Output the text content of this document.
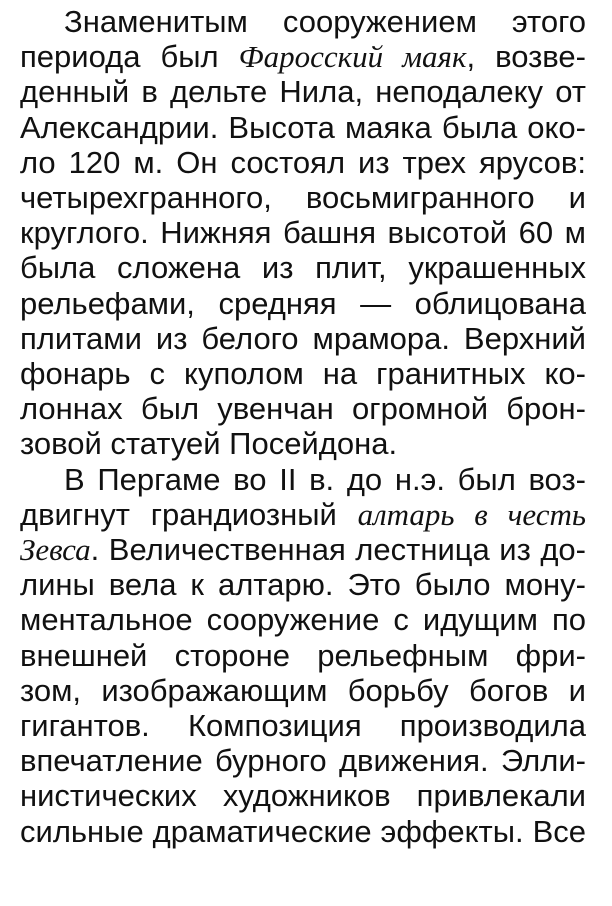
Знаменитым сооружением этого
периода был Фаросский маяк, возве-
денный в дельте Нила, неподалеку от
Александрии. Высота маяка была око-
ло 120 м. Он состоял из трех ярусов:
четырехгранного, восьмигранного и
круглого. Нижняя башня высотой 60 м
была сложена из плит, украшенных
рельефами, средняя — облицована
плитами из белого мрамора. Верхний
фонарь с куполом на гранитных ко-
лоннах был увенчан огромной брон-
зовой статуей Посейдона.
В Пергаме во II в. до н.э. был воз-
двигнут грандиозный алтарь в честь
Зевса. Величественная лестница из до-
лины вела к алтарю. Это было мону-
ментальное сооружение с идущим по
внешней стороне рельефным фри-
зом, изображающим борьбу богов и
гигантов. Композиция производила
впечатление бурного движения. Элли-
нистических художников привлекали
сильные драматические эффекты. Все
